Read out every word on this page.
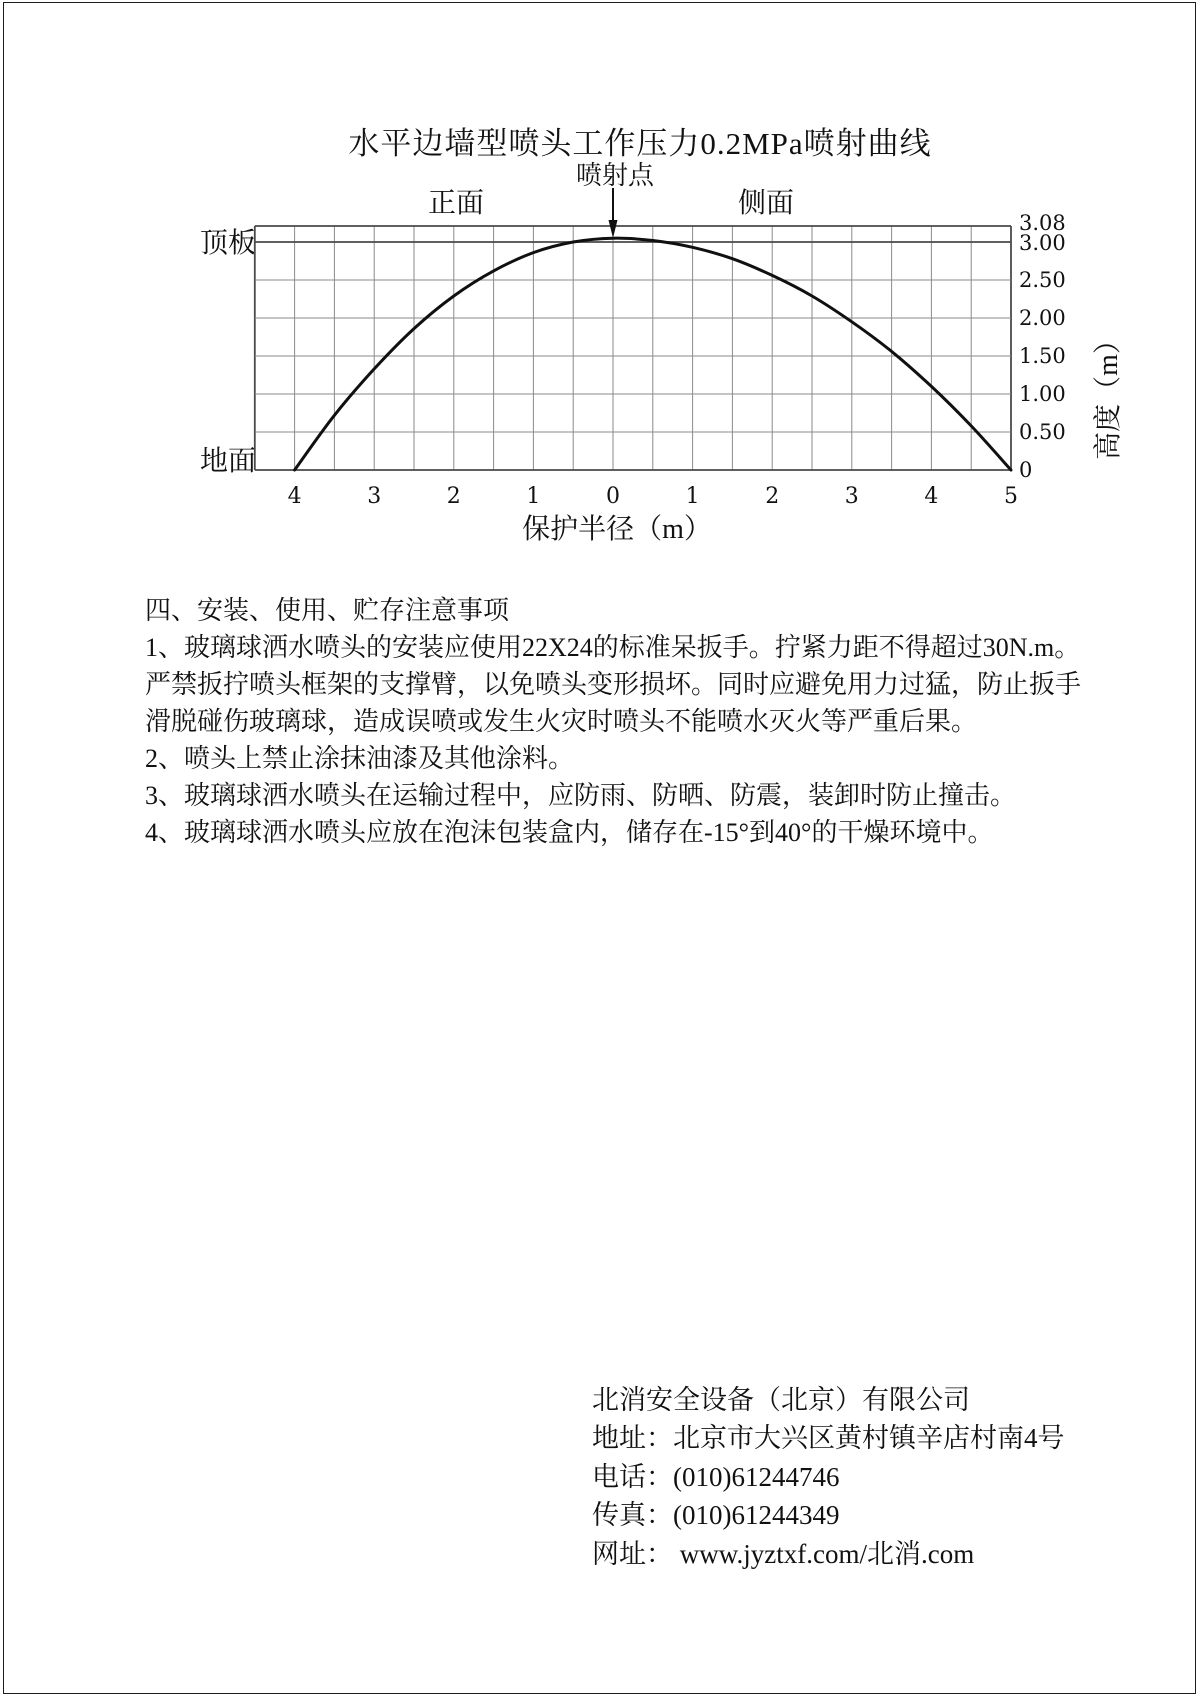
水平边墙型喷头工作压力0.2MPa喷射曲线
喷射点
正面	侧面
顶板
地面
4	3	2	1	0	1	2	3	4	5
3.08
3.00
2.50
2.00
1.50
1.00
0.50
0
保护半径（m）
高度（m）

四、安装、使用、贮存注意事项

1、玻璃球洒水喷头的安装应使用22X24的标准呆扳手。拧紧力距不得超过30N.m。严禁扳拧喷头框架的支撑臂，以免喷头变形损坏。同时应避免用力过猛，防止扳手滑脱碰伤玻璃球，造成误喷或发生火灾时喷头不能喷水灭火等严重后果。

2、喷头上禁止涂抹油漆及其他涂料。

3、玻璃球洒水喷头在运输过程中，应防雨、防晒、防震，装卸时防止撞击。

4、玻璃球洒水喷头应放在泡沫包装盒内，储存在-15°到40°的干燥环境中。

北消安全设备（北京）有限公司
地址：北京市大兴区黄村镇辛店村南4号
电话：(010)61244746
传真：(010)61244349
网址： www.jyztxf.com/北消.com
